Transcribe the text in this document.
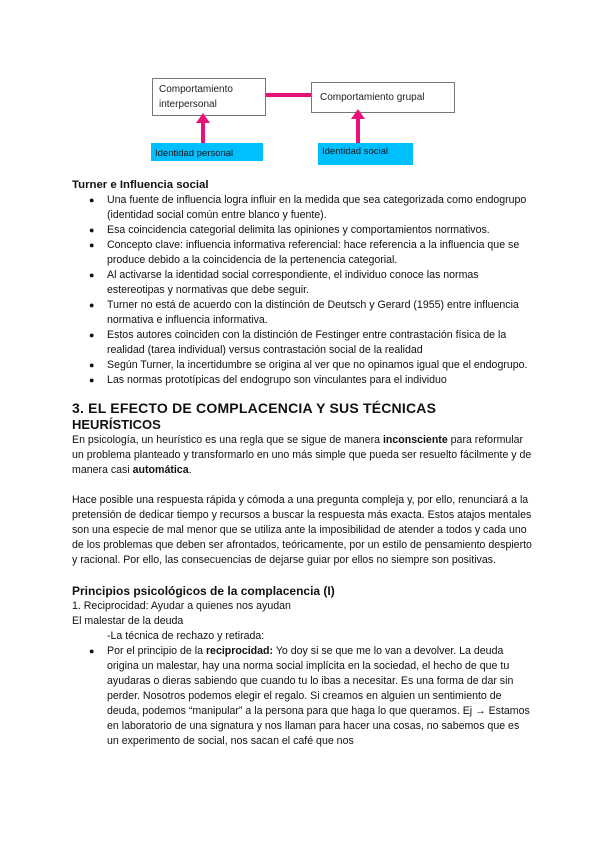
Comportamiento
interpersonal
Comportamiento grupal
Identidad personal	Identidad social
Turner e Influencia social
● Una fuente de influencia logra influir en la medida que sea categorizada como endogrupo (identidad social común entre blanco y fuente).
● Esa coincidencia categorial delimita las opiniones y comportamientos normativos.
● Concepto clave: influencia informativa referencial: hace referencia a la influencia que se produce debido a la coincidencia de la pertenencia categorial.
● Al activarse la identidad social correspondiente, el individuo conoce las normas estereotipas y normativas que debe seguir.
● Turner no está de acuerdo con la distinción de Deutsch y Gerard (1955) entre influencia normativa e influencia informativa.
● Estos autores coinciden con la distinción de Festinger entre contrastación física de la realidad (tarea individual) versus contrastación social de la realidad
● Según Turner, la incertidumbre se origina al ver que no opinamos igual que el endogrupo.
● Las normas prototípicas del endogrupo son vinculantes para el individuo
3. EL EFECTO DE COMPLACENCIA Y SUS TÉCNICAS
HEURÍSTICOS

En psicología, un heurístico es una regla que se sigue de manera inconsciente para reformular un problema planteado y transformarlo en uno más simple que pueda ser resuelto fácilmente y de manera casi automática.

Hace posible una respuesta rápida y cómoda a una pregunta compleja y, por ello, renunciará a la pretensión de dedicar tiempo y recursos a buscar la respuesta más exacta. Estos atajos mentales son una especie de mal menor que se utiliza ante la imposibilidad de atender a todos y cada uno de los problemas que deben ser afrontados, teóricamente, por un estilo de pensamiento despierto y racional. Por ello, las consecuencias de dejarse guiar por ellos no siempre son positivas.

Principios psicológicos de la complacencia (I)

1. Reciprocidad: Ayudar a quienes nos ayudan

El malestar de la deuda

-La técnica de rechazo y retirada:

● Por el principio de la reciprocidad: Yo doy si se que me lo van a devolver. La deuda origina un malestar, hay una norma social implícita en la sociedad, el hecho de que tu ayudaras o dieras sabiendo que cuando tu lo ibas a necesitar. Es una forma de dar sin perder. Nosotros podemos elegir el regalo. Si creamos en alguien un sentimiento de deuda, podemos “manipular” a la persona para que haga lo que queramos. Ej → Estamos en laboratorio de una signatura y nos llaman para hacer una cosas, no sabemos que es un experimento de social, nos sacan el café que nos
